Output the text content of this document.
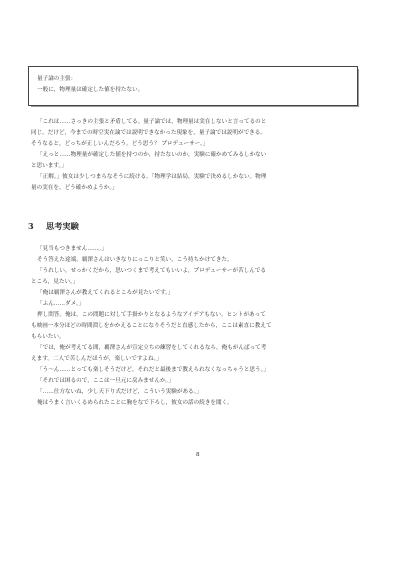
量子論の主張：
一般に，物理量は確定した値を持たない。
「これは……さっきの主張と矛盾してる。量子論では，物理量は実在しないと言ってるのと
同じ。だけど，今までの時空実在論では説明できなかった現象を，量子論では説明ができる。
そうなると，どっちが正しいんだろう。どう思う？ プロデューサー。」
「えっと……物理量が確定した値を持つのか，持たないのか，実験に確かめてみるしかない
と思います。」
「正解。」彼女は少しつまらなそうに続ける。「物理学は結局，実験で決めるしかない。物理
量の実在を，どう確かめようか。」
3 思考実験
「見当もつきません……。」
そう答えた途端，覇澤さんはいきなりにっこりと笑い，こう持ちかけてきた。
「うれしい，せっかくだから，思いつくまで考えてもいいよ，プロデューサーが苦しんでる
ところ，見たい。」
「俺は覇澤さんが教えてくれるところが見たいです。」
「ふん……ダメ。」
押し問答。俺は，この問題に対して手掛かりとなるようなアイデアもない。ヒントがあって
も映画一本分ほどの時間潰しをかかえることになりそうだと直感したから，ここは素直に教えて
もらいたい。
「では，俺が考えてる間，覇澤さんが宣定立ちの練習をしてくれるなら，俺もがんばって考
えます。二人で苦しんだほうが，楽しいですよね。」
「う～ん……とっても楽しそうだけど，それだと最後まで教えられなくなっちゃうと思う。」
「それでは困るので，ここは一旦元に戻みませんか。」
「……仕方ないね，少し天下り式だけど，こういう実験がある。」
俺はうまく言いくるめられたことに胸をなで下ろし，彼女の話の続きを聞く。
8
